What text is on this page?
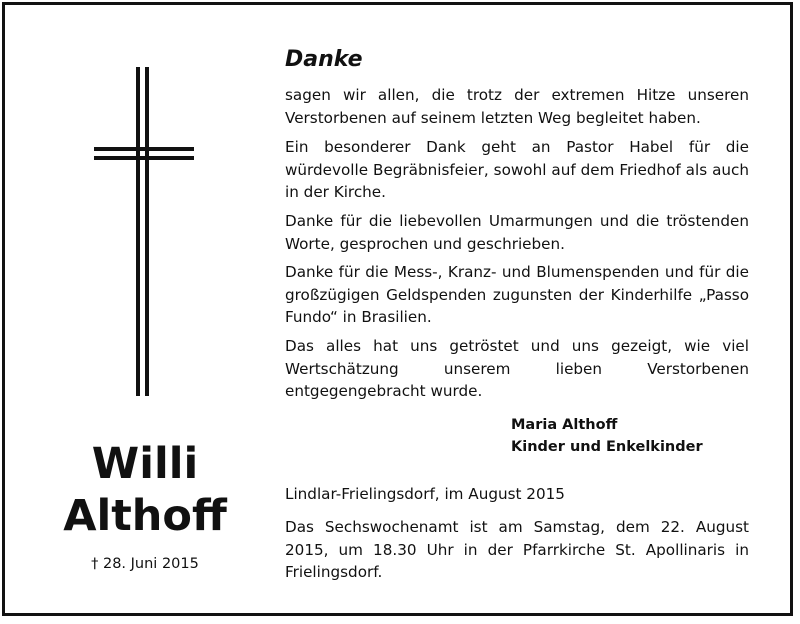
Willi
Althoff
† 28. Juni 2015
Danke
sagen wir allen, die trotz der extremen Hitze unseren Verstorbenen auf seinem letzten Weg begleitet haben.
Ein besonderer Dank geht an Pastor Habel für die würdevolle Begräbnisfeier, sowohl auf dem Friedhof als auch in der Kirche.
Danke für die liebevollen Umarmungen und die tröstenden Worte, gesprochen und geschrieben.
Danke für die Mess-, Kranz- und Blumenspenden und für die großzügigen Geldspenden zugunsten der Kinderhilfe „Passo Fundo“ in Brasilien.
Das alles hat uns getröstet und uns gezeigt, wie viel Wertschätzung unserem lieben Verstorbenen entgegengebracht wurde.
Maria Althoff
Kinder und Enkelkinder
Lindlar-Frielingsdorf, im August 2015
Das Sechswochenamt ist am Samstag, dem 22. August 2015, um 18.30 Uhr in der Pfarrkirche St. Apollinaris in Frielingsdorf.
